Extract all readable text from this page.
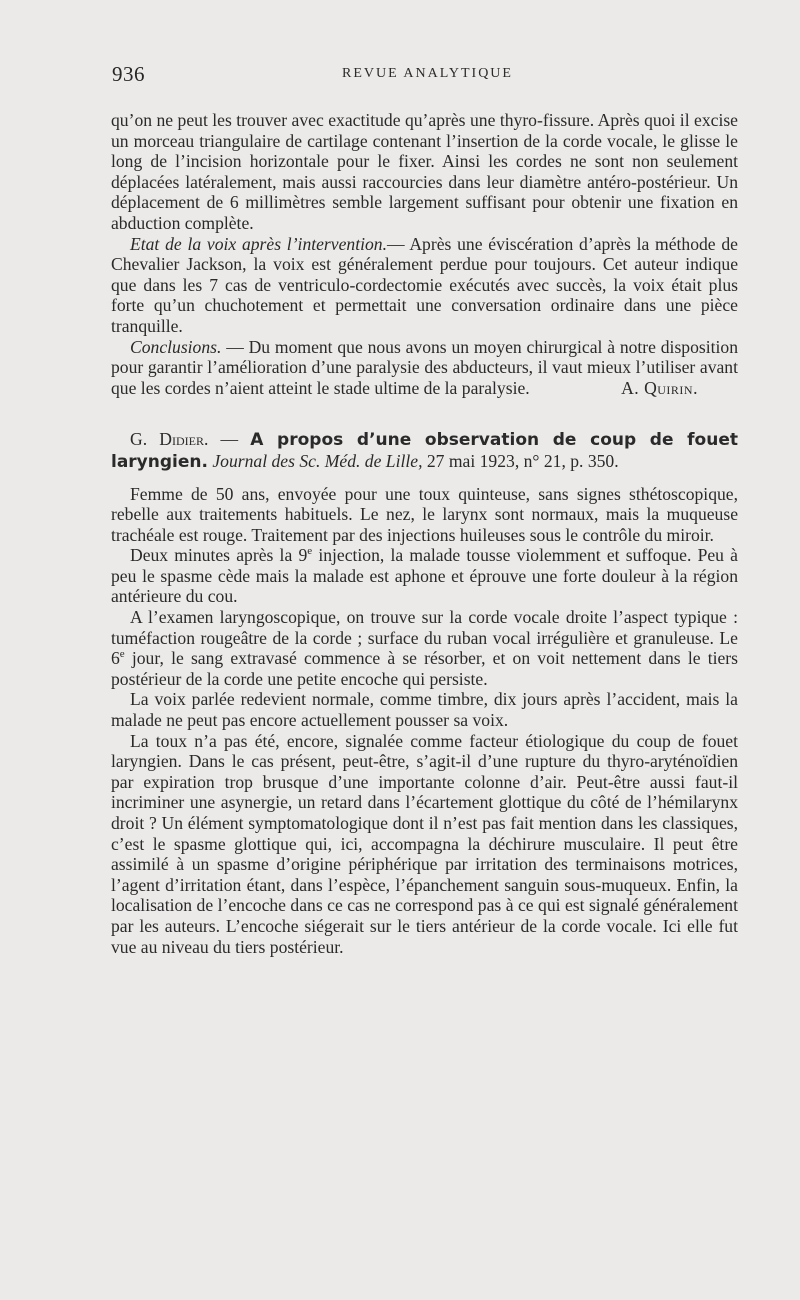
936	REVUE ANALYTIQUE

qu’on ne peut les trouver avec exactitude qu’après une thyro-fissure. Après quoi il excise un morceau triangulaire de cartilage contenant l’insertion de la corde vocale, le glisse le long de l’incision horizontale pour le fixer. Ainsi les cordes ne sont non seulement déplacées latéralement, mais aussi raccourcies dans leur diamètre antéro-postérieur. Un déplacement de 6 millimètres semble largement suffisant pour obtenir une fixation en abduction complète.

Etat de la voix après l’intervention.— Après une éviscération d’après la méthode de Chevalier Jackson, la voix est généralement perdue pour toujours. Cet auteur indique que dans les 7 cas de ventriculo-cordectomie exécutés avec succès, la voix était plus forte qu’un chuchotement et permettait une conversation ordinaire dans une pièce tranquille.

Conclusions. — Du moment que nous avons un moyen chirurgical à notre disposition pour garantir l’amélioration d’une paralysie des abducteurs, il vaut mieux l’utiliser avant que les cordes n’aient atteint le stade ultime de la paralysie.	A. Quirin.

G. Didier. — A propos d’une observation de coup de fouet laryngien. Journal des Sc. Méd. de Lille, 27 mai 1923, n° 21, p. 350.

Femme de 50 ans, envoyée pour une toux quinteuse, sans signes sthétoscopique, rebelle aux traitements habituels. Le nez, le larynx sont normaux, mais la muqueuse trachéale est rouge. Traitement par des injections huileuses sous le contrôle du miroir.

Deux minutes après la 9e injection, la malade tousse violemment et suffoque. Peu à peu le spasme cède mais la malade est aphone et éprouve une forte douleur à la région antérieure du cou.

A l’examen laryngoscopique, on trouve sur la corde vocale droite l’aspect typique : tuméfaction rougeâtre de la corde ; surface du ruban vocal irrégulière et granuleuse. Le 6e jour, le sang extravasé commence à se résorber, et on voit nettement dans le tiers postérieur de la corde une petite encoche qui persiste.

La voix parlée redevient normale, comme timbre, dix jours après l’accident, mais la malade ne peut pas encore actuellement pousser sa voix.

La toux n’a pas été, encore, signalée comme facteur étiologique du coup de fouet laryngien. Dans le cas présent, peut-être, s’agit-il d’une rupture du thyro-aryténoïdien par expiration trop brusque d’une importante colonne d’air. Peut-être aussi faut-il incriminer une asynergie, un retard dans l’écartement glottique du côté de l’hémilarynx droit ? Un élément symptomatologique dont il n’est pas fait mention dans les classiques, c’est le spasme glottique qui, ici, accompagna la déchirure musculaire. Il peut être assimilé à un spasme d’origine périphérique par irritation des terminaisons motrices, l’agent d’irritation étant, dans l’espèce, l’épanchement sanguin sous-muqueux. Enfin, la localisation de l’encoche dans ce cas ne correspond pas à ce qui est signalé généralement par les auteurs. L’encoche siégerait sur le tiers antérieur de la corde vocale. Ici elle fut vue au niveau du tiers postérieur.
